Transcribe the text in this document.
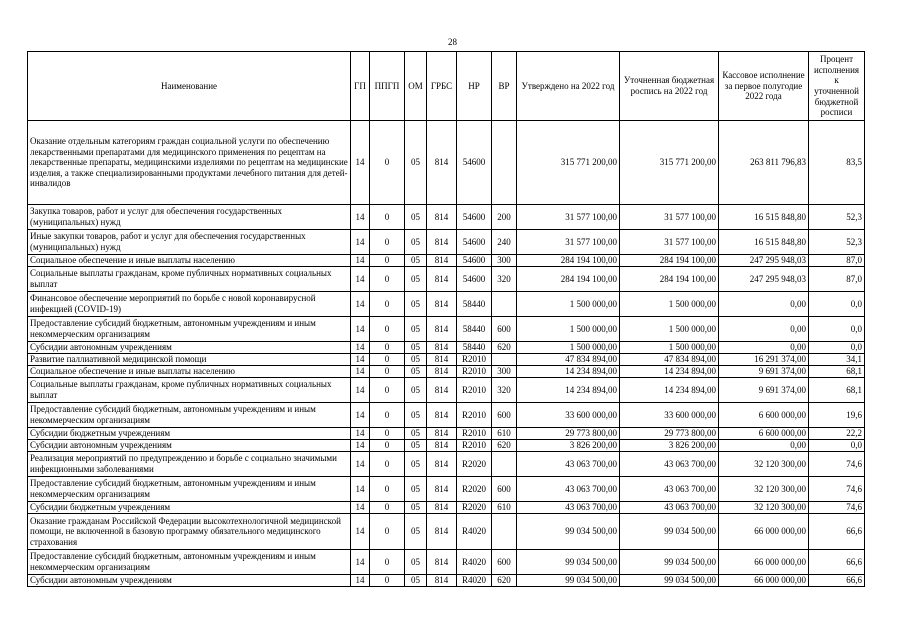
28
Наименование	ГП	ППГП	ОМ	ГРБС	НР	ВР	Утверждено на 2022 год	Уточненная бюджетная роспись на 2022 год	Кассовое исполнение за первое полугодие 2022 года	Процент исполнения к уточненной бюджетной росписи
Оказание отдельным категориям граждан социальной услуги по обеспечению лекарственными препаратами для медицинского применения по рецептам на лекарственные препараты, медицинскими изделиями по рецептам на медицинские изделия, а также специализированными продуктами лечебного питания для детей-инвалидов	14	0	05	814	54600		315 771 200,00	315 771 200,00	263 811 796,83	83,5
Закупка товаров, работ и услуг для обеспечения государственных (муниципальных) нужд	14	0	05	814	54600	200	31 577 100,00	31 577 100,00	16 515 848,80	52,3
Иные закупки товаров, работ и услуг для обеспечения государственных (муниципальных) нужд	14	0	05	814	54600	240	31 577 100,00	31 577 100,00	16 515 848,80	52,3
Социальное обеспечение и иные выплаты населению	14	0	05	814	54600	300	284 194 100,00	284 194 100,00	247 295 948,03	87,0
Социальные выплаты гражданам, кроме публичных нормативных социальных выплат	14	0	05	814	54600	320	284 194 100,00	284 194 100,00	247 295 948,03	87,0
Финансовое обеспечение мероприятий по борьбе с новой коронавирусной инфекцией (COVID-19)	14	0	05	814	58440		1 500 000,00	1 500 000,00	0,00	0,0
Предоставление субсидий бюджетным, автономным учреждениям и иным некоммерческим организациям	14	0	05	814	58440	600	1 500 000,00	1 500 000,00	0,00	0,0
Субсидии автономным учреждениям	14	0	05	814	58440	620	1 500 000,00	1 500 000,00	0,00	0,0
Развитие паллиативной медицинской помощи	14	0	05	814	R2010		47 834 894,00	47 834 894,00	16 291 374,00	34,1
Социальное обеспечение и иные выплаты населению	14	0	05	814	R2010	300	14 234 894,00	14 234 894,00	9 691 374,00	68,1
Социальные выплаты гражданам, кроме публичных нормативных социальных выплат	14	0	05	814	R2010	320	14 234 894,00	14 234 894,00	9 691 374,00	68,1
Предоставление субсидий бюджетным, автономным учреждениям и иным некоммерческим организациям	14	0	05	814	R2010	600	33 600 000,00	33 600 000,00	6 600 000,00	19,6
Субсидии бюджетным учреждениям	14	0	05	814	R2010	610	29 773 800,00	29 773 800,00	6 600 000,00	22,2
Субсидии автономным учреждениям	14	0	05	814	R2010	620	3 826 200,00	3 826 200,00	0,00	0,0
Реализация мероприятий по предупреждению и борьбе с социально значимыми инфекционными заболеваниями	14	0	05	814	R2020		43 063 700,00	43 063 700,00	32 120 300,00	74,6
Предоставление субсидий бюджетным, автономным учреждениям и иным некоммерческим организациям	14	0	05	814	R2020	600	43 063 700,00	43 063 700,00	32 120 300,00	74,6
Субсидии бюджетным учреждениям	14	0	05	814	R2020	610	43 063 700,00	43 063 700,00	32 120 300,00	74,6
Оказание гражданам Российской Федерации высокотехнологичной медицинской помощи, не включенной в базовую программу обязательного медицинского страхования	14	0	05	814	R4020		99 034 500,00	99 034 500,00	66 000 000,00	66,6
Предоставление субсидий бюджетным, автономным учреждениям и иным некоммерческим организациям	14	0	05	814	R4020	600	99 034 500,00	99 034 500,00	66 000 000,00	66,6
Субсидии автономным учреждениям	14	0	05	814	R4020	620	99 034 500,00	99 034 500,00	66 000 000,00	66,6
